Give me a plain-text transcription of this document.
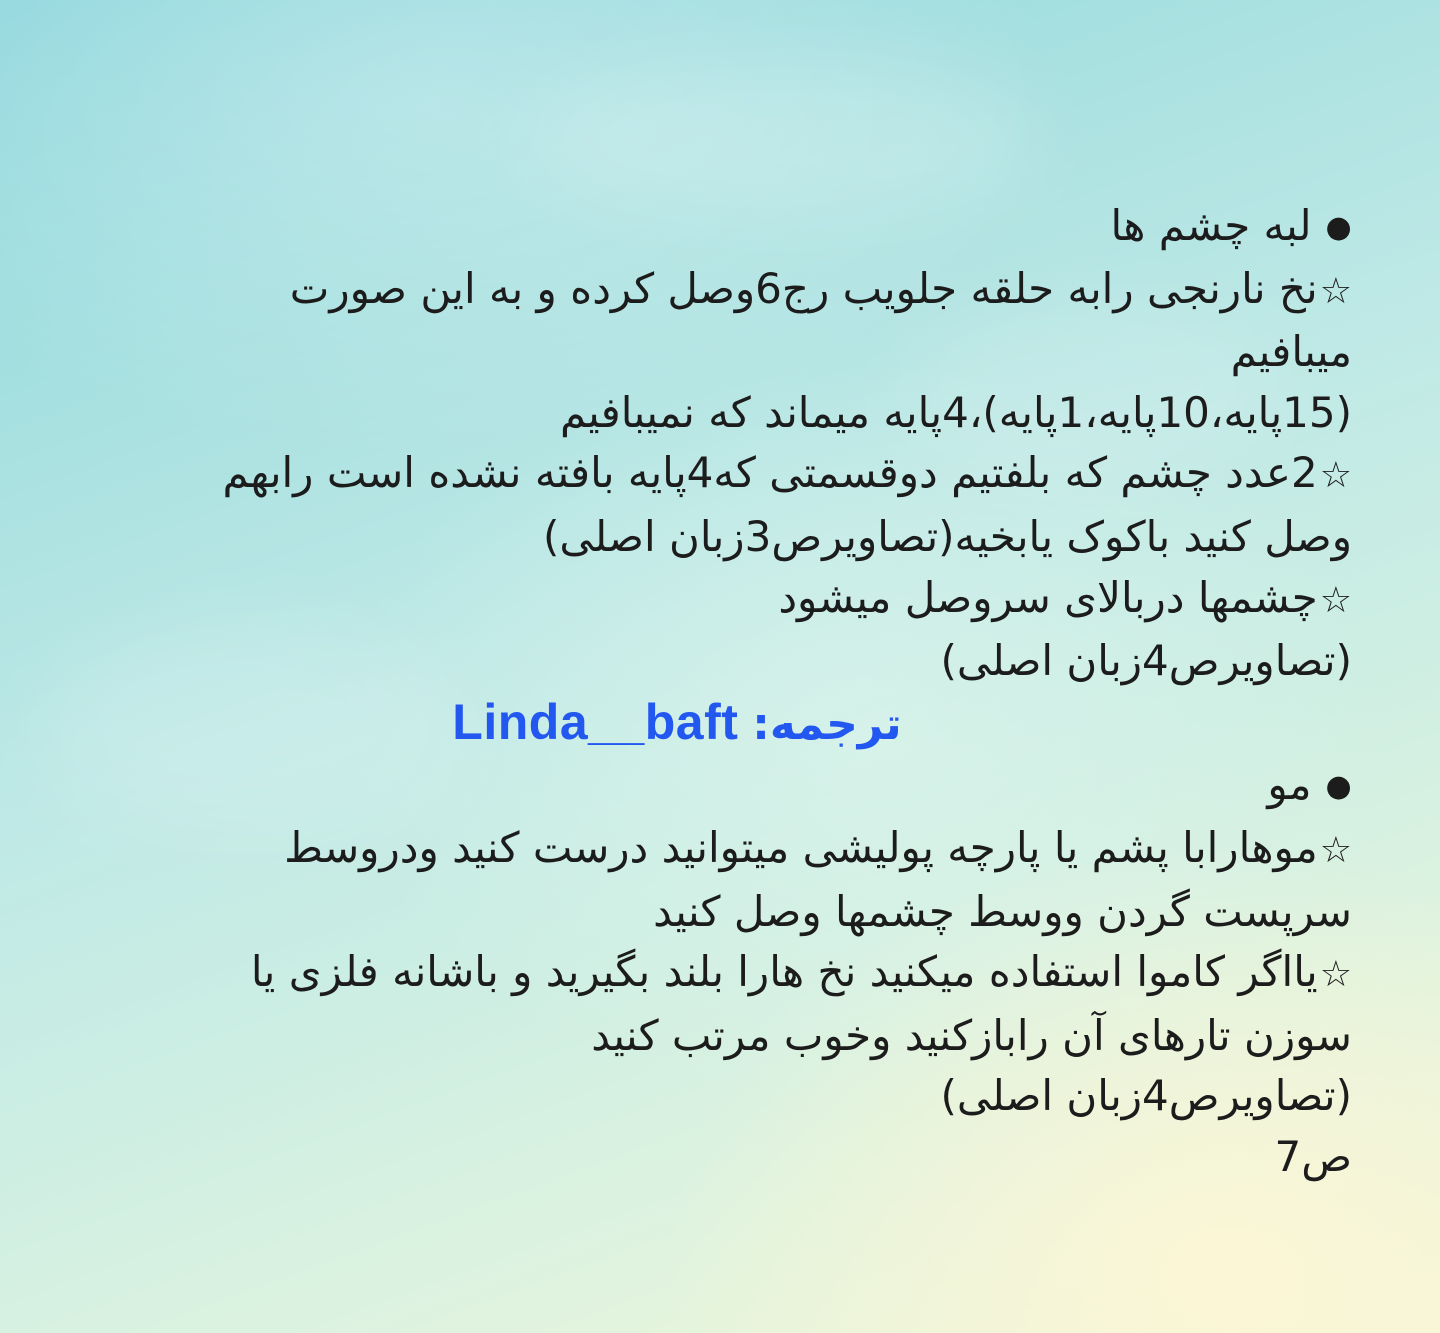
●لبه چشم ها
☆نخ نارنجی رابه حلقه جلویب رج6وصل کرده و به این صورت
میبافیم
(15پایه،10پایه،1پایه)،4پایه میماند که نمیبافیم
☆2عدد چشم که بلفتیم دوقسمتی که4پایه بافته نشده است رابهم
وصل کنید باکوک یابخیه(تصاویرص3زبان اصلی)
☆چشمها دربالای سروصل میشود
(تصاویرص4زبان اصلی)
ترجمه: Linda__baft
●مو
☆موهارابا پشم یا پارچه پولیشی میتوانید درست کنید ودروسط
سرپست گردن ووسط چشمها وصل کنید
☆یااگر کاموا استفاده میکنید نخ هارا بلند بگیرید و باشانه فلزی یا
سوزن تارهای آن رابازکنید وخوب مرتب کنید
(تصاویرص4زبان اصلی)
ص7
